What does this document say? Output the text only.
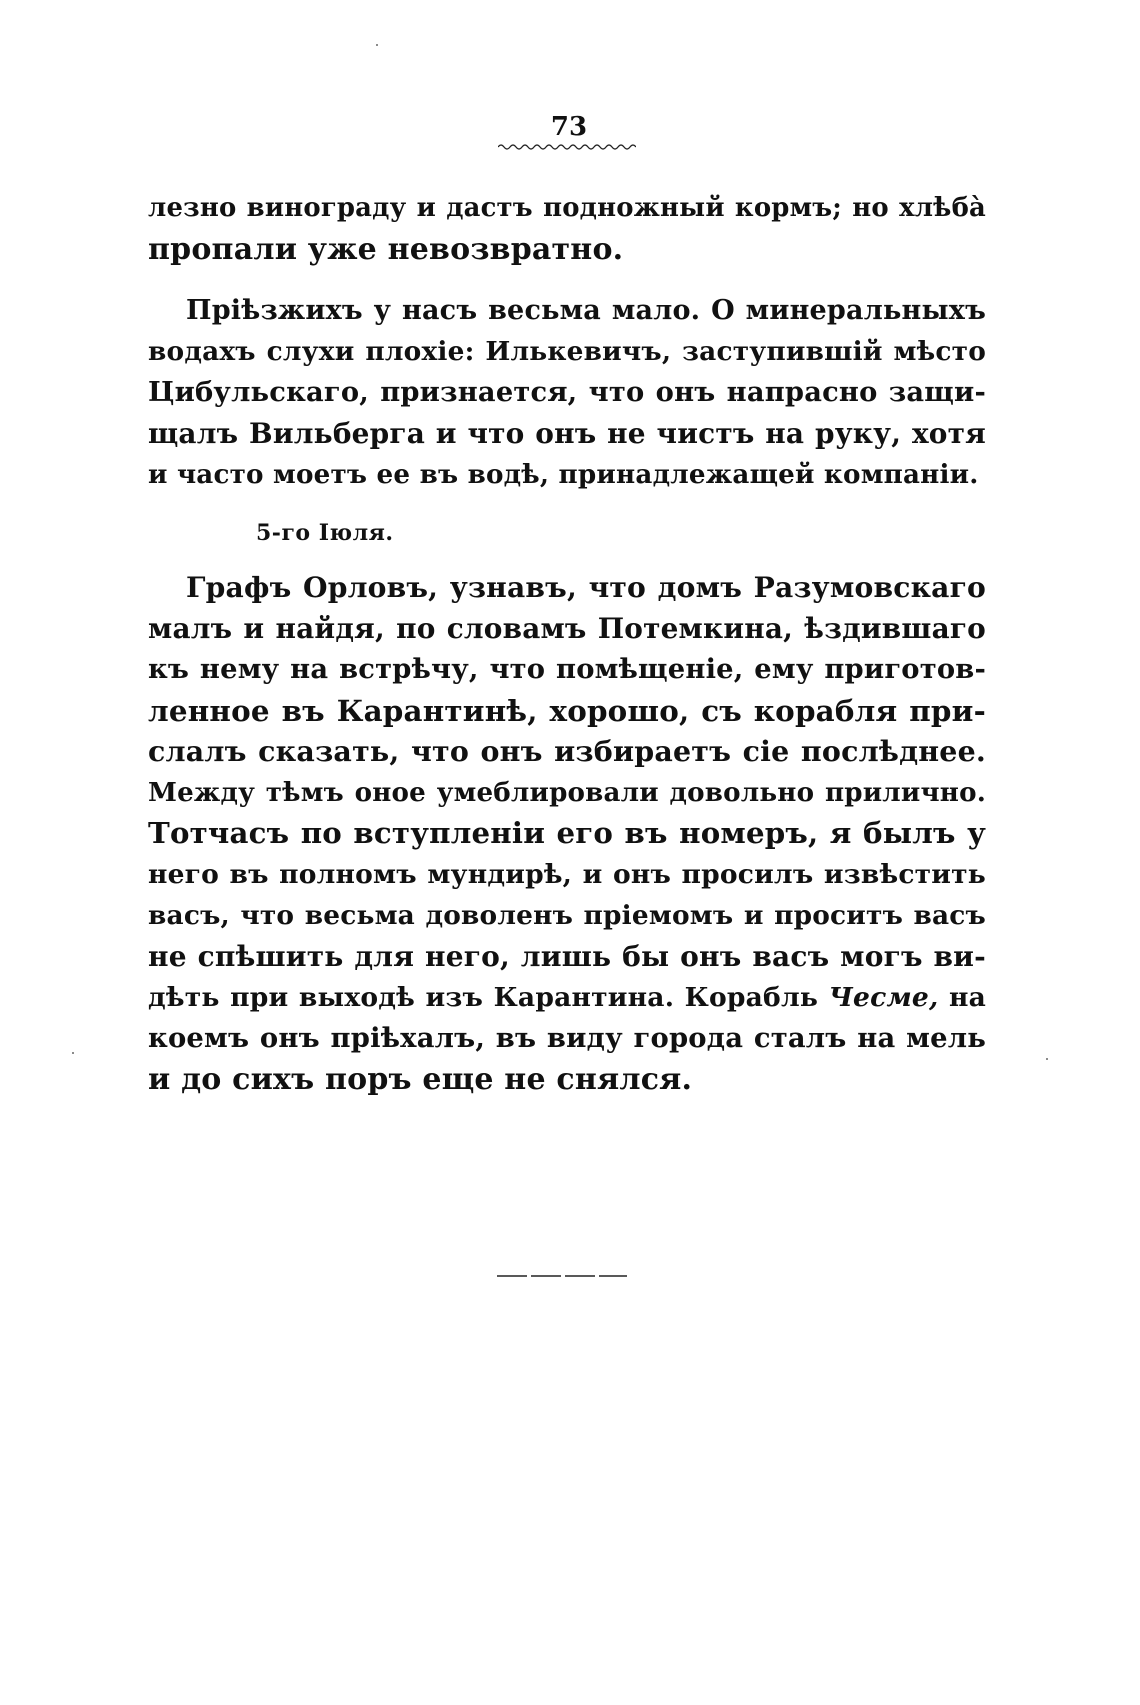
73
лезно винограду и дастъ подножный кормъ; но хлѣбà
пропали уже невозвратно.
Пріѣзжихъ у насъ весьма мало. О минеральныхъ
водахъ слухи плохіе: Илькевичъ, заступившій мѣсто
Цибульскаго, признается, что онъ напрасно защи-
щалъ Вильберга и что онъ не чистъ на руку, хотя
и часто моетъ ее въ водѣ, принадлежащей компаніи.
5-го Іюля.
Графъ Орловъ, узнавъ, что домъ Разумовскаго
малъ и найдя, по словамъ Потемкина, ѣздившаго
къ нему на встрѣчу, что помѣщеніе, ему приготов-
ленное въ Карантинѣ, хорошо, съ корабля при-
слалъ сказать, что онъ избираетъ сіе послѣднее.
Между тѣмъ оное умеблировали довольно прилично.
Тотчасъ по вступленіи его въ номеръ, я былъ у
него въ полномъ мундирѣ, и онъ просилъ извѣстить
васъ, что весьма доволенъ пріемомъ и проситъ васъ
не спѣшить для него, лишь бы онъ васъ могъ ви-
дѣть при выходѣ изъ Карантина. Корабль Чесме, на
коемъ онъ пріѣхалъ, въ виду города сталъ на мель
и до сихъ поръ еще не снялся.
